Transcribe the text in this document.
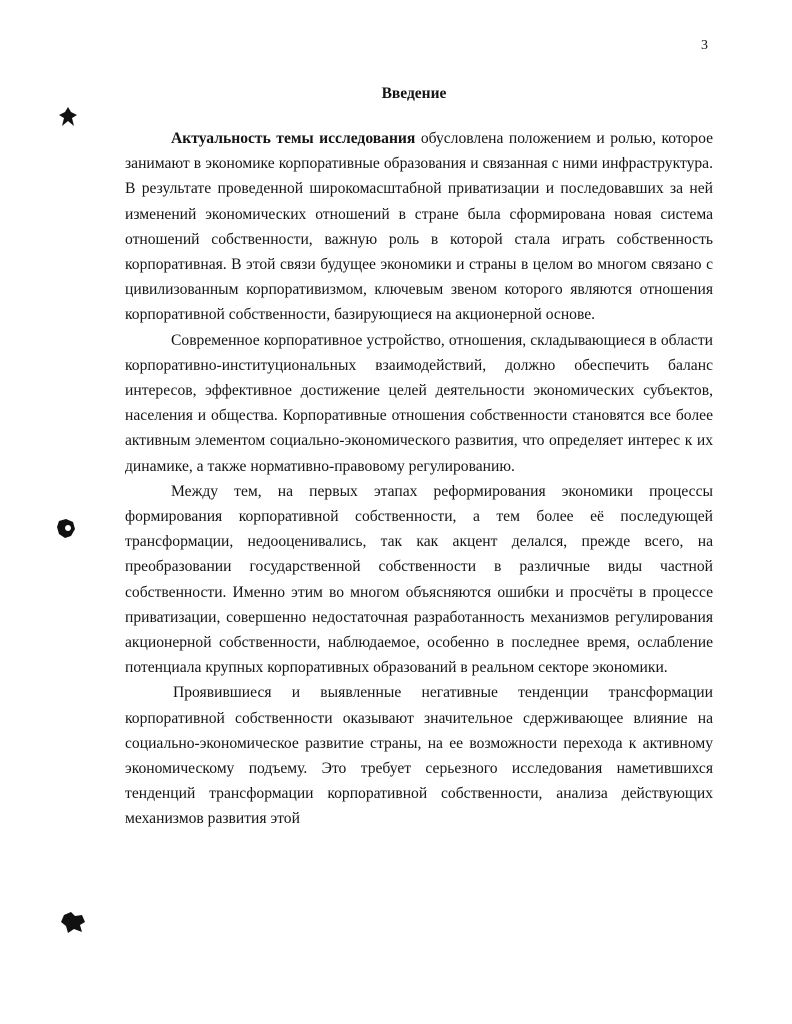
3
Введение

Актуальность темы исследования обусловлена положением и ролью, которое занимают в экономике корпоративные образования и связанная с ними инфраструктура. В результате проведенной широкомасштабной приватизации и последовавших за ней изменений экономических отношений в стране была сформирована новая система отношений собственности, важную роль в которой стала играть собственность корпоративная. В этой связи будущее экономики и страны в целом во многом связано с цивилизованным корпоративизмом, ключевым звеном которого являются отношения корпоративной собственности, базирующиеся на акционерной основе.

Современное корпоративное устройство, отношения, складывающиеся в области корпоративно-институциональных взаимодействий, должно обеспечить баланс интересов, эффективное достижение целей деятельности экономических субъектов, населения и общества. Корпоративные отношения собственности становятся все более активным элементом социально-экономического развития, что определяет интерес к их динамике, а также нормативно-правовому регулированию.

Между тем, на первых этапах реформирования экономики процессы формирования корпоративной собственности, а тем более её последующей трансформации, недооценивались, так как акцент делался, прежде всего, на преобразовании государственной собственности в различные виды частной собственности. Именно этим во многом объясняются ошибки и просчёты в процессе приватизации, совершенно недостаточная разработанность механизмов регулирования акционерной собственности, наблюдаемое, особенно в последнее время, ослабление потенциала крупных корпоративных образований в реальном секторе экономики.

Проявившиеся и выявленные негативные тенденции трансформации корпоративной собственности оказывают значительное сдерживающее влияние на социально-экономическое развитие страны, на ее возможности перехода к активному экономическому подъему. Это требует серьезного исследования наметившихся тенденций трансформации корпоративной собственности, анализа действующих механизмов развития этой
